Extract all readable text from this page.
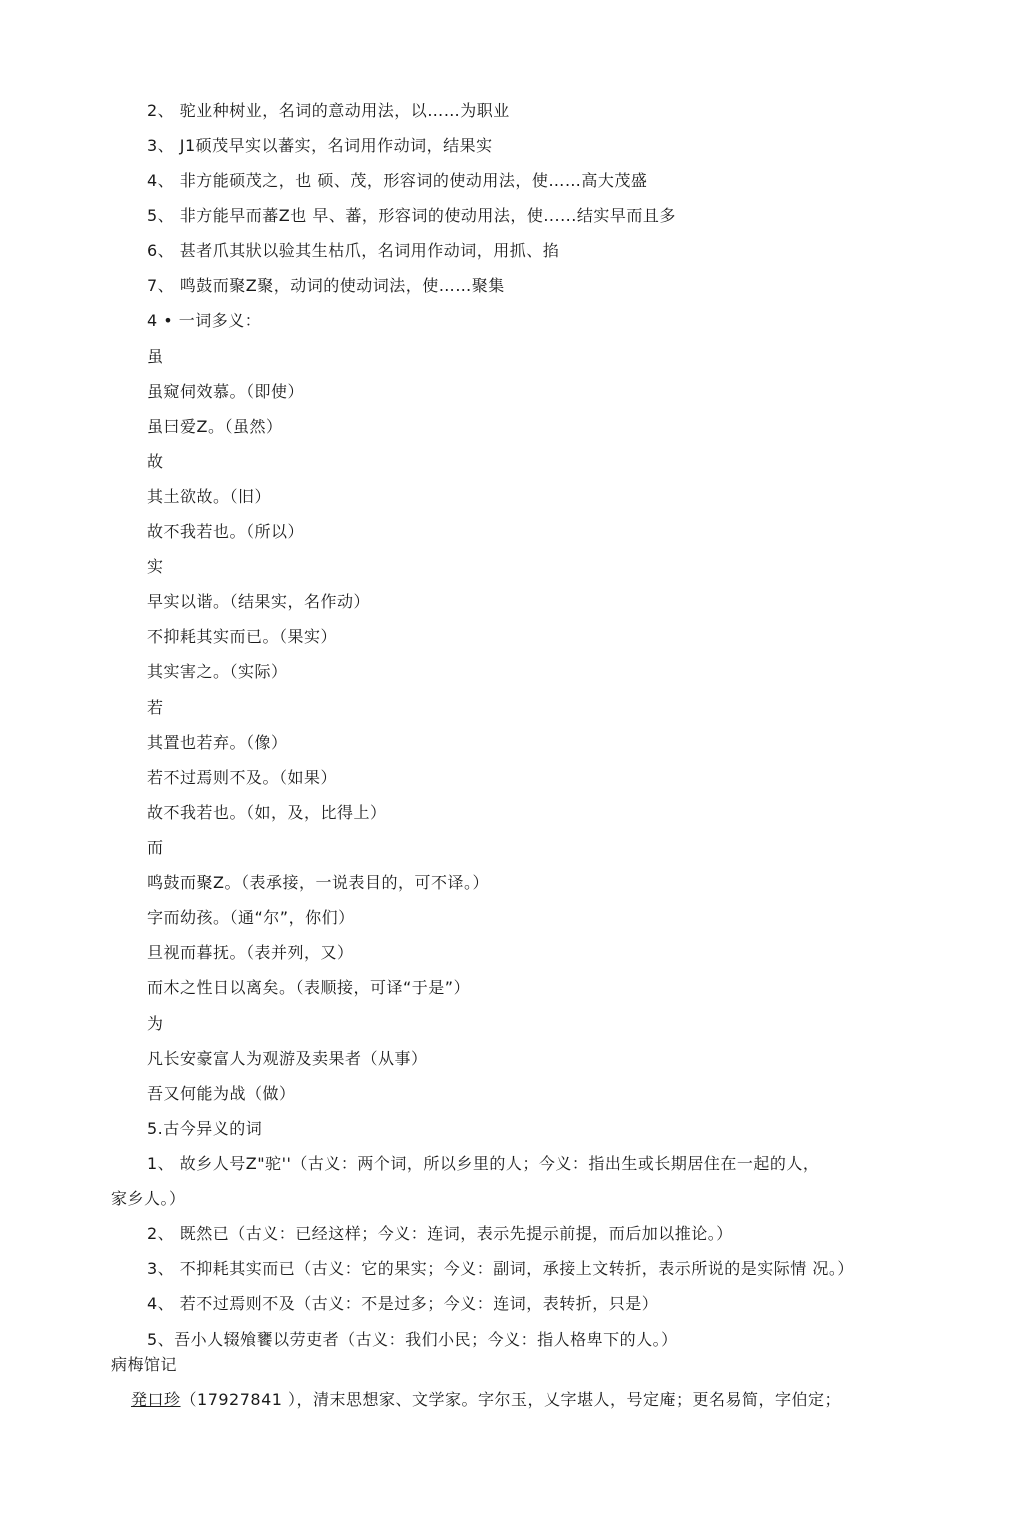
2、 驼业种树业，名词的意动用法，以……为职业
3、 J1硕茂早实以蕃实，名词用作动词，结果实
4、 非方能硕茂之，也 硕、茂，形容词的使动用法，使……高大茂盛
5、 非方能早而蕃Z也 早、蕃，形容词的使动用法，使......结实早而且多
6、 甚者爪其狀以验其生枯爪，名词用作动词，用抓、掐
7、 鸣鼓而聚Z聚，动词的使动词法，使……聚集
4 • 一词多义：
虽
虽窥伺效慕。（即使）
虽曰爱Z。（虽然）
故
其土欲故。（旧）
故不我若也。（所以）
实
早实以谐。（结果实，名作动）
不抑耗其实而已。（果实）
其实害之。（实际）
若
其置也若弃。（像）
若不过焉则不及。（如果）
故不我若也。（如，及，比得上）
而
鸣鼓而聚Z。（表承接，一说表目的，可不译。）
字而幼孩。（通“尔”，你们）
旦视而暮抚。（表并列，又）
而木之性日以离矣。（表顺接，可译“于是”）
为
凡长安豪富人为观游及卖果者（从事）
吾又何能为战（做）
5.古今异义的词
1、 故乡人号Z"驼''（古义：两个词，所以乡里的人；今义：指出生或长期居住在一起的人，
家乡人。）
2、 既然已（古义：已经这样；今义：连词，表示先提示前提，而后加以推论。）
3、 不抑耗其实而已（古义：它的果实；今义：副词，承接上文转折，表示所说的是实际情 况。）
4、 若不过焉则不及（古义：不是过多；今义：连词，表转折，只是）
5、吾小人辍飧饔以劳吏者（古义：我们小民；今义：指人格卑下的人。）
病梅馆记
発口珍（17927841 ），清末思想家、文学家。字尔玉，乂字堪人，号定庵；更名易简，字伯定；
